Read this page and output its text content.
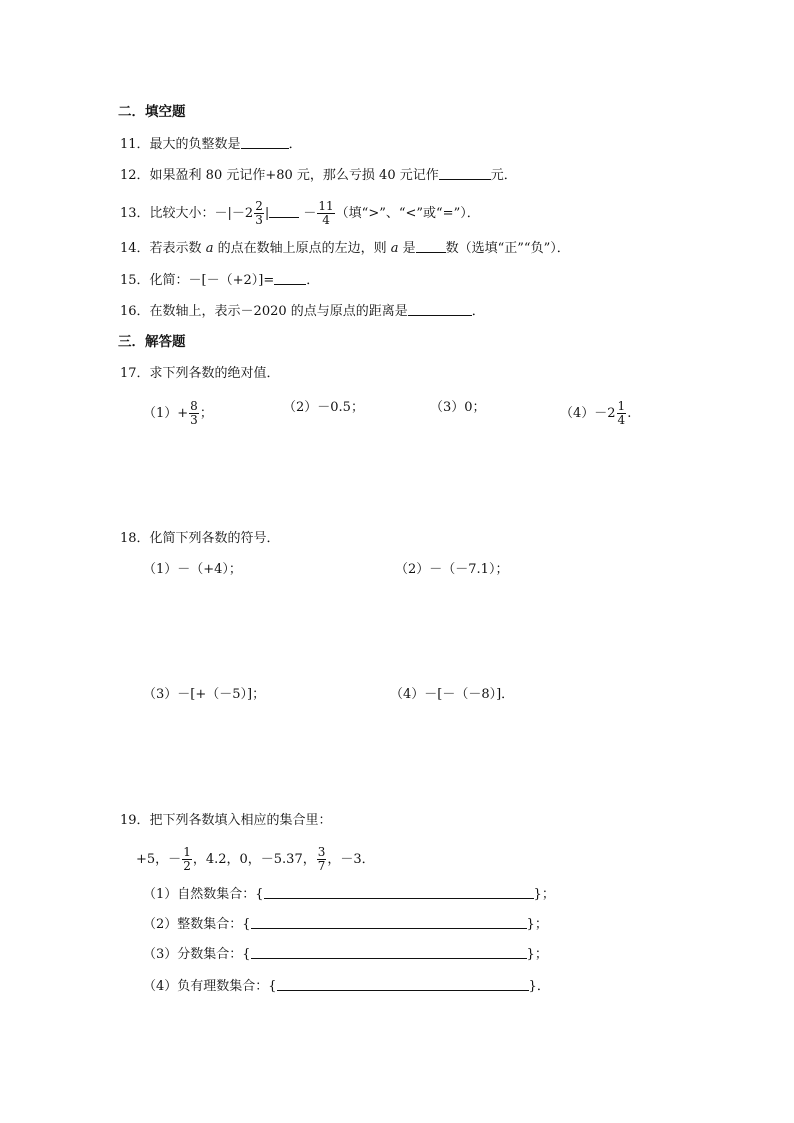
二．填空题
11．最大的负整数是	．
12．如果盈利 80 元记作+80 元，那么亏损 40 元记作	元．
13．比较大小：$-|-2 \frac{2}{3}$ |	－ $\frac{11}{4}$ （填“>”、“<”或“=”）．
14．若表示数 a 的点在数轴上原点的左边，则 a 是 数（选填“正”“负”）．
15．化简：－[－（+2）]= ．
16．在数轴上，表示－2020 的点与原点的距离是	．
三．解答题
17．求下列各数的绝对值．
$(1)+ \frac{8}{3}$ ；	（2）－0.5；	（3）0；	$(4)-2 \frac{1}{4}$ .
18．化简下列各数的符号．
（1）－（+4）；	（2）－（－7.1）；
（3）－[+（－5）]；	（4）－[－（－8）]．
19．把下列各数填入相应的集合里：
+5，－ $\frac{1}{2}$ ，4.2，0，－5.37， $\frac{3}{7}$ ，－3．
（1）自然数集合：{	}；
（2）整数集合：{	}；
（3）分数集合：{	}；
（4）负有理数集合：{	}．
